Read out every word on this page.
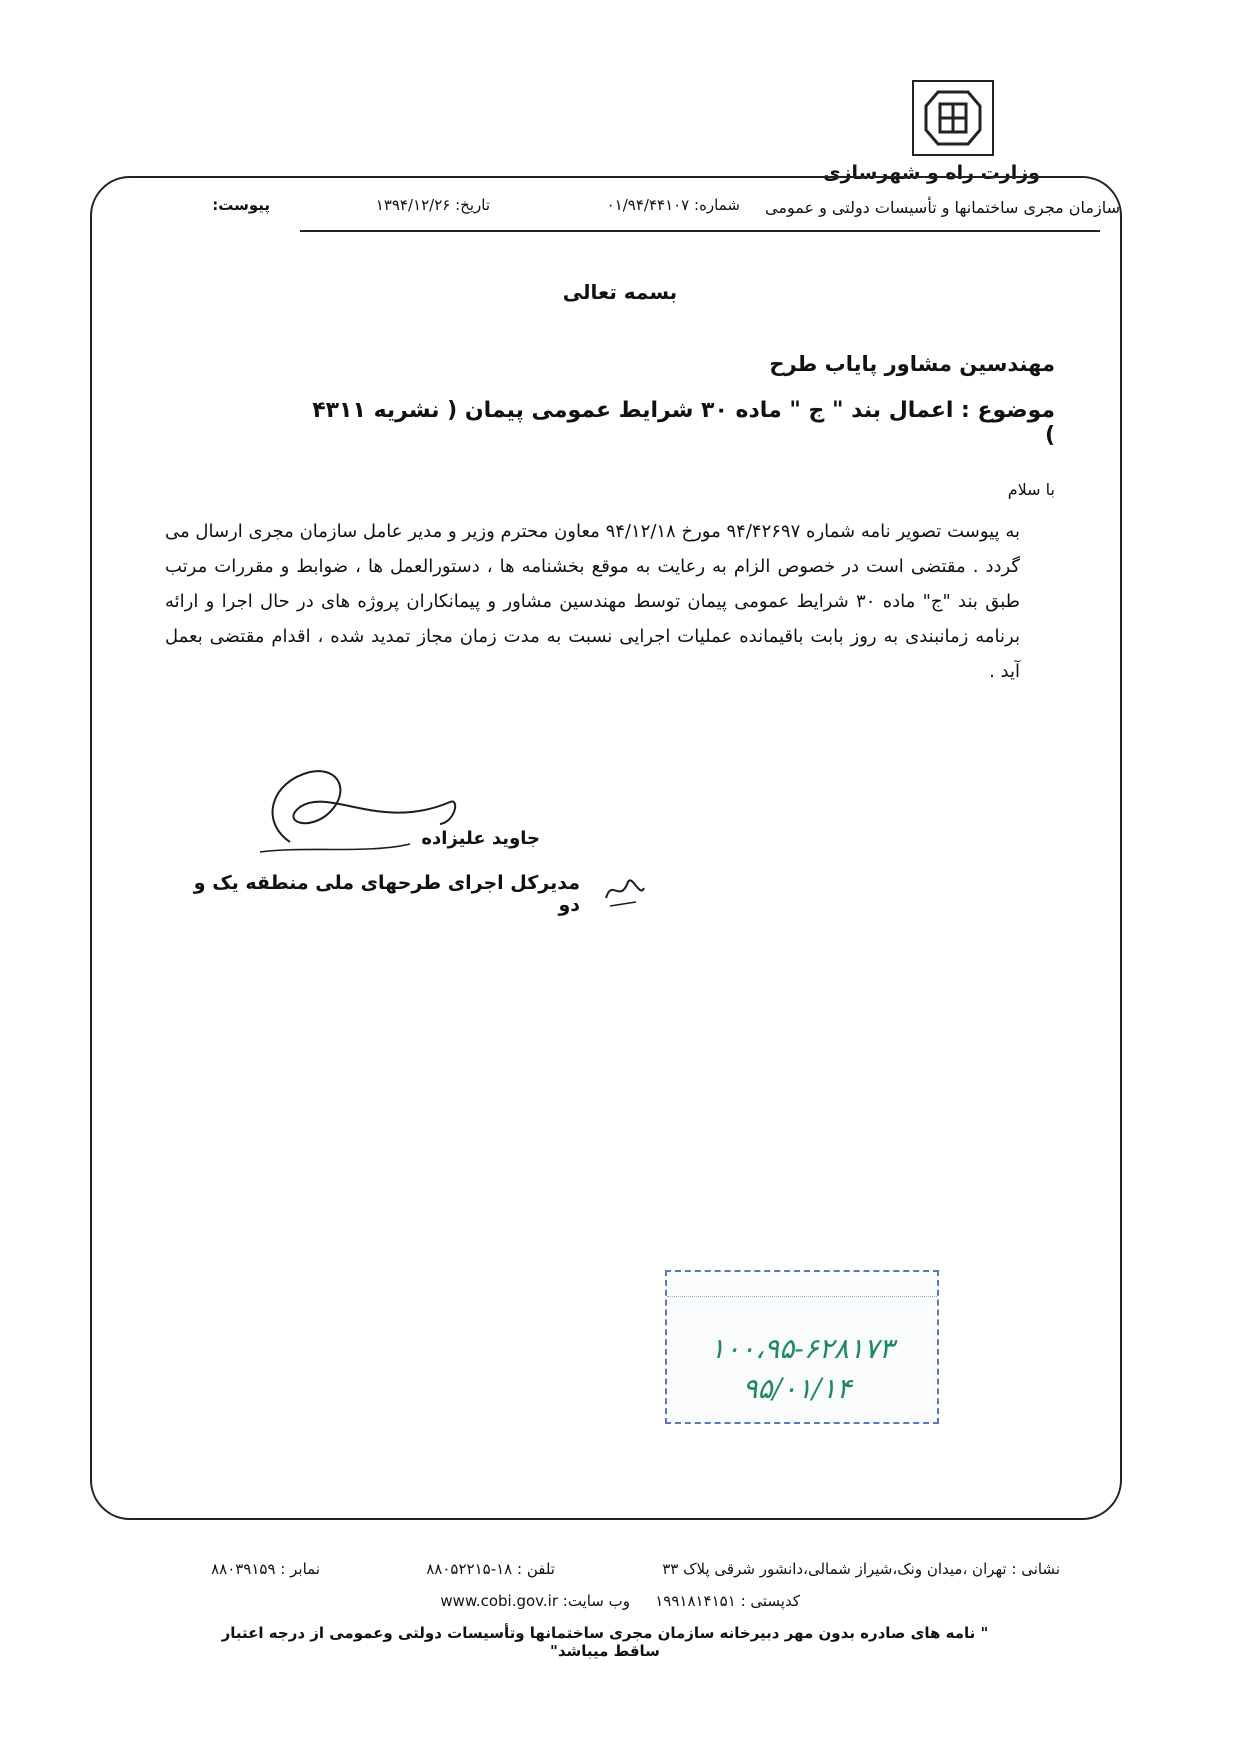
وزارت راه و شهرسازی
سازمان مجری ساختمانها و تأسیسات دولتی و عمومی
شماره: ۰۱/۹۴/۴۴۱۰۷
تاریخ: ۱۳۹۴/۱۲/۲۶
پیوست:
بسمه تعالی
مهندسین مشاور پایاب طرح
موضوع : اعمال بند " ج " ماده ۳۰ شرایط عمومی پیمان ( نشریه ۴۳۱۱ )
با سلام
به پیوست تصویر نامه شماره ۹۴/۴۲۶۹۷ مورخ ۹۴/۱۲/۱۸ معاون محترم وزیر و مدیر عامل سازمان مجری ارسال می گردد . مقتضی است در خصوص الزام به رعایت به موقع بخشنامه ها ، دستورالعمل ها ، ضوابط و مقررات مرتب طبق بند "ج" ماده ۳۰ شرایط عمومی پیمان توسط مهندسین مشاور و پیمانکاران پروژه های در حال اجرا و ارائه برنامه زمانبندی به روز بابت باقیمانده عملیات اجرایی نسبت به مدت زمان مجاز تمدید شده ، اقدام مقتضی بعمل آید .
جاوید علیزاده
مدیرکل اجرای طرحهای ملی منطقه یک و دو
۱۰۰،۹۵-۶۲۸۱۷۳
۹۵/۰۱/۱۴
نشانی : تهران ،میدان ونک،شیراز شمالی،دانشور شرقی پلاک ۳۳
تلفن : ۱۸-۸۸۰۵۲۲۱۵
نمابر : ۸۸۰۳۹۱۵۹
کدپستی : ۱۹۹۱۸۱۴۱۵۱
وب سایت: www.cobi.gov.ir
" نامه های صادره بدون مهر دبیرخانه سازمان مجری ساختمانها وتأسیسات دولتی وعمومی از درجه اعتبار ساقط میباشد"
